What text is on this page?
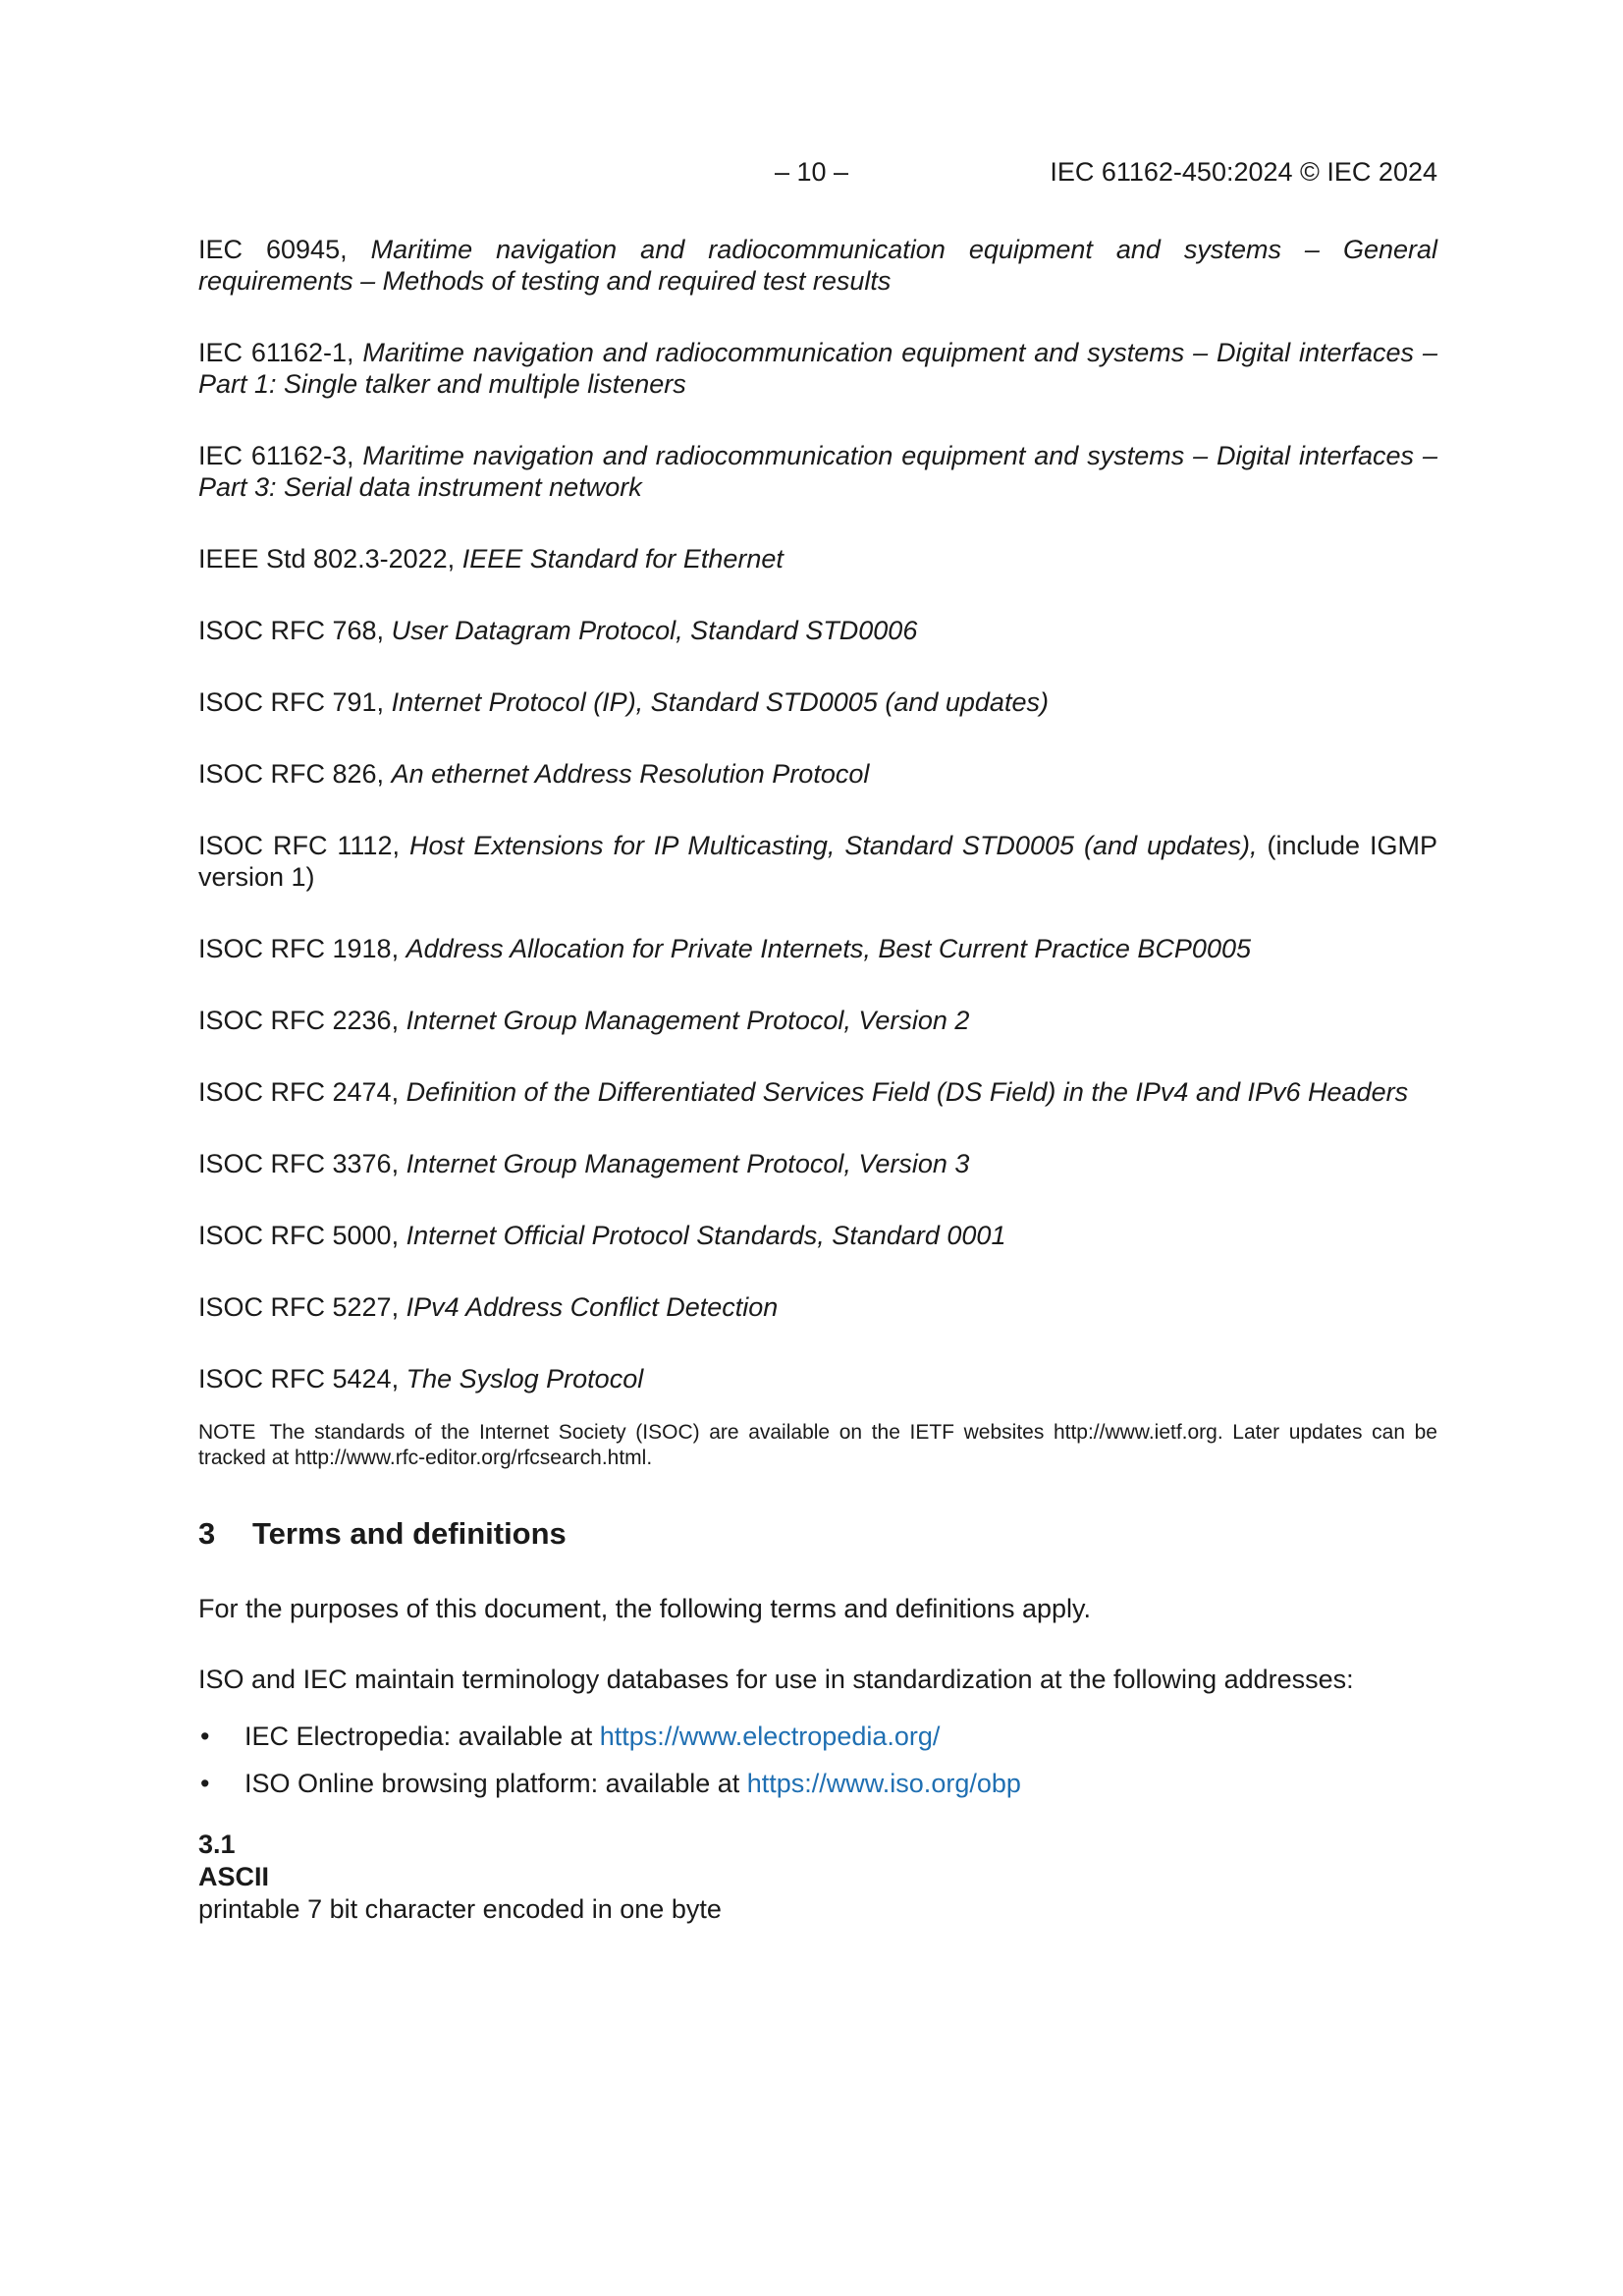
– 10 –	IEC 61162-450:2024 © IEC 2024

IEC 60945, Maritime navigation and radiocommunication equipment and systems – General requirements – Methods of testing and required test results

IEC 61162-1, Maritime navigation and radiocommunication equipment and systems – Digital interfaces – Part 1: Single talker and multiple listeners

IEC 61162-3, Maritime navigation and radiocommunication equipment and systems – Digital interfaces – Part 3: Serial data instrument network

IEEE Std 802.3-2022, IEEE Standard for Ethernet

ISOC RFC 768, User Datagram Protocol, Standard STD0006

ISOC RFC 791, Internet Protocol (IP), Standard STD0005 (and updates)

ISOC RFC 826, An ethernet Address Resolution Protocol

ISOC RFC 1112, Host Extensions for IP Multicasting, Standard STD0005 (and updates), (include IGMP version 1)

ISOC RFC 1918, Address Allocation for Private Internets, Best Current Practice BCP0005

ISOC RFC 2236, Internet Group Management Protocol, Version 2

ISOC RFC 2474, Definition of the Differentiated Services Field (DS Field) in the IPv4 and IPv6 Headers

ISOC RFC 3376, Internet Group Management Protocol, Version 3

ISOC RFC 5000, Internet Official Protocol Standards, Standard 0001

ISOC RFC 5227, IPv4 Address Conflict Detection

ISOC RFC 5424, The Syslog Protocol

NOTE The standards of the Internet Society (ISOC) are available on the IETF websites http://www.ietf.org. Later updates can be tracked at http://www.rfc-editor.org/rfcsearch.html.

3 Terms and definitions

For the purposes of this document, the following terms and definitions apply.

ISO and IEC maintain terminology databases for use in standardization at the following addresses:

• IEC Electropedia: available at https://www.electropedia.org/
• ISO Online browsing platform: available at https://www.iso.org/obp
3.1
ASCII
printable 7 bit character encoded in one byte
